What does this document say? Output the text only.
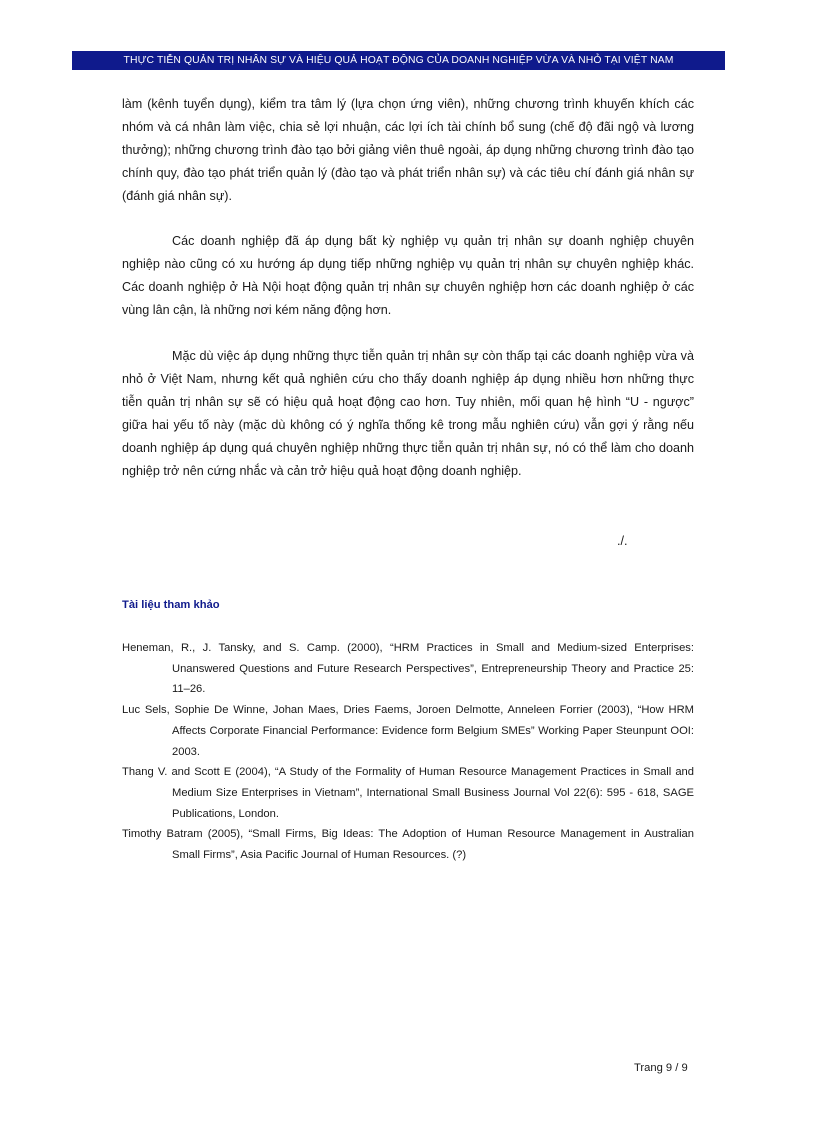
THỰC TIỄN QUẢN TRỊ NHÂN SỰ VÀ HIỆU QUẢ HOẠT ĐỘNG CỦA DOANH NGHIỆP VỪA VÀ NHỎ TẠI VIỆT NAM

làm (kênh tuyển dụng), kiểm tra tâm lý (lựa chọn ứng viên), những chương trình khuyến khích các nhóm và cá nhân làm việc, chia sẻ lợi nhuận, các lợi ích tài chính bổ sung (chế độ đãi ngộ và lương thưởng); những chương trình đào tạo bởi giảng viên thuê ngoài, áp dụng những chương trình đào tạo chính quy, đào tạo phát triển quản lý (đào tạo và phát triển nhân sự) và các tiêu chí đánh giá nhân sự (đánh giá nhân sự).

Các doanh nghiệp đã áp dụng bất kỳ nghiệp vụ quản trị nhân sự doanh nghiệp chuyên nghiệp nào cũng có xu hướng áp dụng tiếp những nghiệp vụ quản trị nhân sự chuyên nghiệp khác. Các doanh nghiệp ở Hà Nội hoạt động quản trị nhân sự chuyên nghiệp hơn các doanh nghiệp ở các vùng lân cận, là những nơi kém năng động hơn.

Mặc dù việc áp dụng những thực tiễn quản trị nhân sự còn thấp tại các doanh nghiệp vừa và nhỏ ở Việt Nam, nhưng kết quả nghiên cứu cho thấy doanh nghiệp áp dụng nhiều hơn những thực tiễn quản trị nhân sự sẽ có hiệu quả hoạt động cao hơn. Tuy nhiên, mối quan hệ hình “U - ngược” giữa hai yếu tố này (mặc dù không có ý nghĩa thống kê trong mẫu nghiên cứu) vẫn gợi ý rằng nếu doanh nghiệp áp dụng quá chuyên nghiệp những thực tiễn quản trị nhân sự, nó có thể làm cho doanh nghiệp trở nên cứng nhắc và cản trở hiệu quả hoạt động doanh nghiệp.

./.
Tài liệu tham khảo
Heneman, R., J. Tansky, and S. Camp. (2000), “HRM Practices in Small and Medium-sized Enterprises: Unanswered Questions and Future Research Perspectives”, Entrepreneurship Theory and Practice 25: 11–26.
Luc Sels, Sophie De Winne, Johan Maes, Dries Faems, Joroen Delmotte, Anneleen Forrier (2003), “How HRM Affects Corporate Financial Performance: Evidence form Belgium SMEs” Working Paper Steunpunt OOI: 2003.
Thang V. and Scott E (2004), “A Study of the Formality of Human Resource Management Practices in Small and Medium Size Enterprises in Vietnam”, International Small Business Journal Vol 22(6): 595 - 618, SAGE Publications, London.
Timothy Batram (2005), “Small Firms, Big Ideas: The Adoption of Human Resource Management in Australian Small Firms”, Asia Pacific Journal of Human Resources. (?)
Trang 9 / 9
